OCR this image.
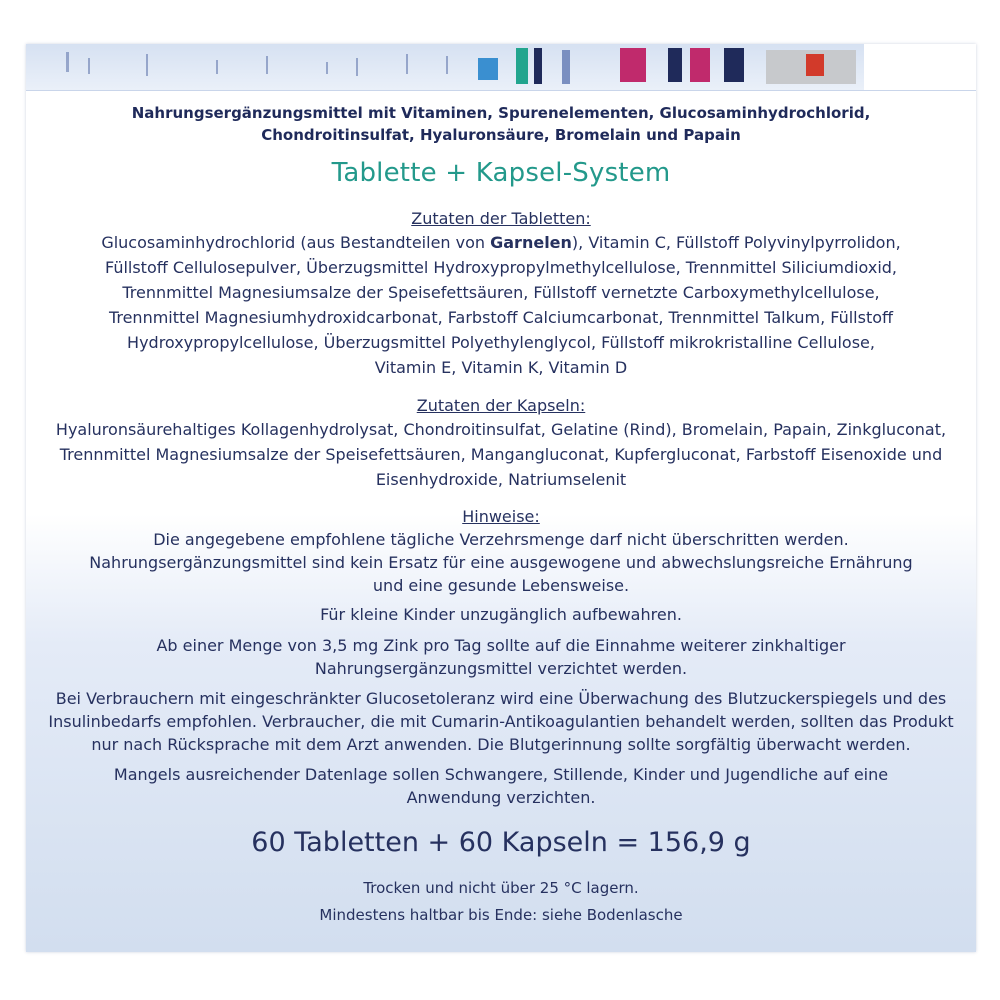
Nahrungsergänzungsmittel mit Vitaminen, Spurenelementen, Glucosaminhydrochlorid,
Chondroitinsulfat, Hyaluronsäure, Bromelain und Papain
Tablette + Kapsel-System
Zutaten der Tabletten:
Glucosaminhydrochlorid (aus Bestandteilen von Garnelen), Vitamin C, Füllstoff Polyvinylpyrrolidon,
Füllstoff Cellulosepulver, Überzugsmittel Hydroxypropylmethylcellulose, Trennmittel Siliciumdioxid,
Trennmittel Magnesiumsalze der Speisefettsäuren, Füllstoff vernetzte Carboxymethylcellulose,
Trennmittel Magnesiumhydroxidcarbonat, Farbstoff Calciumcarbonat, Trennmittel Talkum, Füllstoff
Hydroxypropylcellulose, Überzugsmittel Polyethylenglycol, Füllstoff mikrokristalline Cellulose,
Vitamin E, Vitamin K, Vitamin D
Zutaten der Kapseln:
Hyaluronsäurehaltiges Kollagenhydrolysat, Chondroitinsulfat, Gelatine (Rind), Bromelain, Papain, Zinkgluconat,
Trennmittel Magnesiumsalze der Speisefettsäuren, Mangangluconat, Kupfergluconat, Farbstoff Eisenoxide und
Eisenhydroxide, Natriumselenit
Hinweise:
Die angegebene empfohlene tägliche Verzehrsmenge darf nicht überschritten werden.
Nahrungsergänzungsmittel sind kein Ersatz für eine ausgewogene und abwechslungsreiche Ernährung
und eine gesunde Lebensweise.
Für kleine Kinder unzugänglich aufbewahren.
Ab einer Menge von 3,5 mg Zink pro Tag sollte auf die Einnahme weiterer zinkhaltiger
Nahrungsergänzungsmittel verzichtet werden.
Bei Verbrauchern mit eingeschränkter Glucosetoleranz wird eine Überwachung des Blutzuckerspiegels und des
Insulinbedarfs empfohlen. Verbraucher, die mit Cumarin-Antikoagulantien behandelt werden, sollten das Produkt
nur nach Rücksprache mit dem Arzt anwenden. Die Blutgerinnung sollte sorgfältig überwacht werden.
Mangels ausreichender Datenlage sollen Schwangere, Stillende, Kinder und Jugendliche auf eine
Anwendung verzichten.
60 Tabletten + 60 Kapseln = 156,9 g
Trocken und nicht über 25 °C lagern.
Mindestens haltbar bis Ende: siehe Bodenlasche
